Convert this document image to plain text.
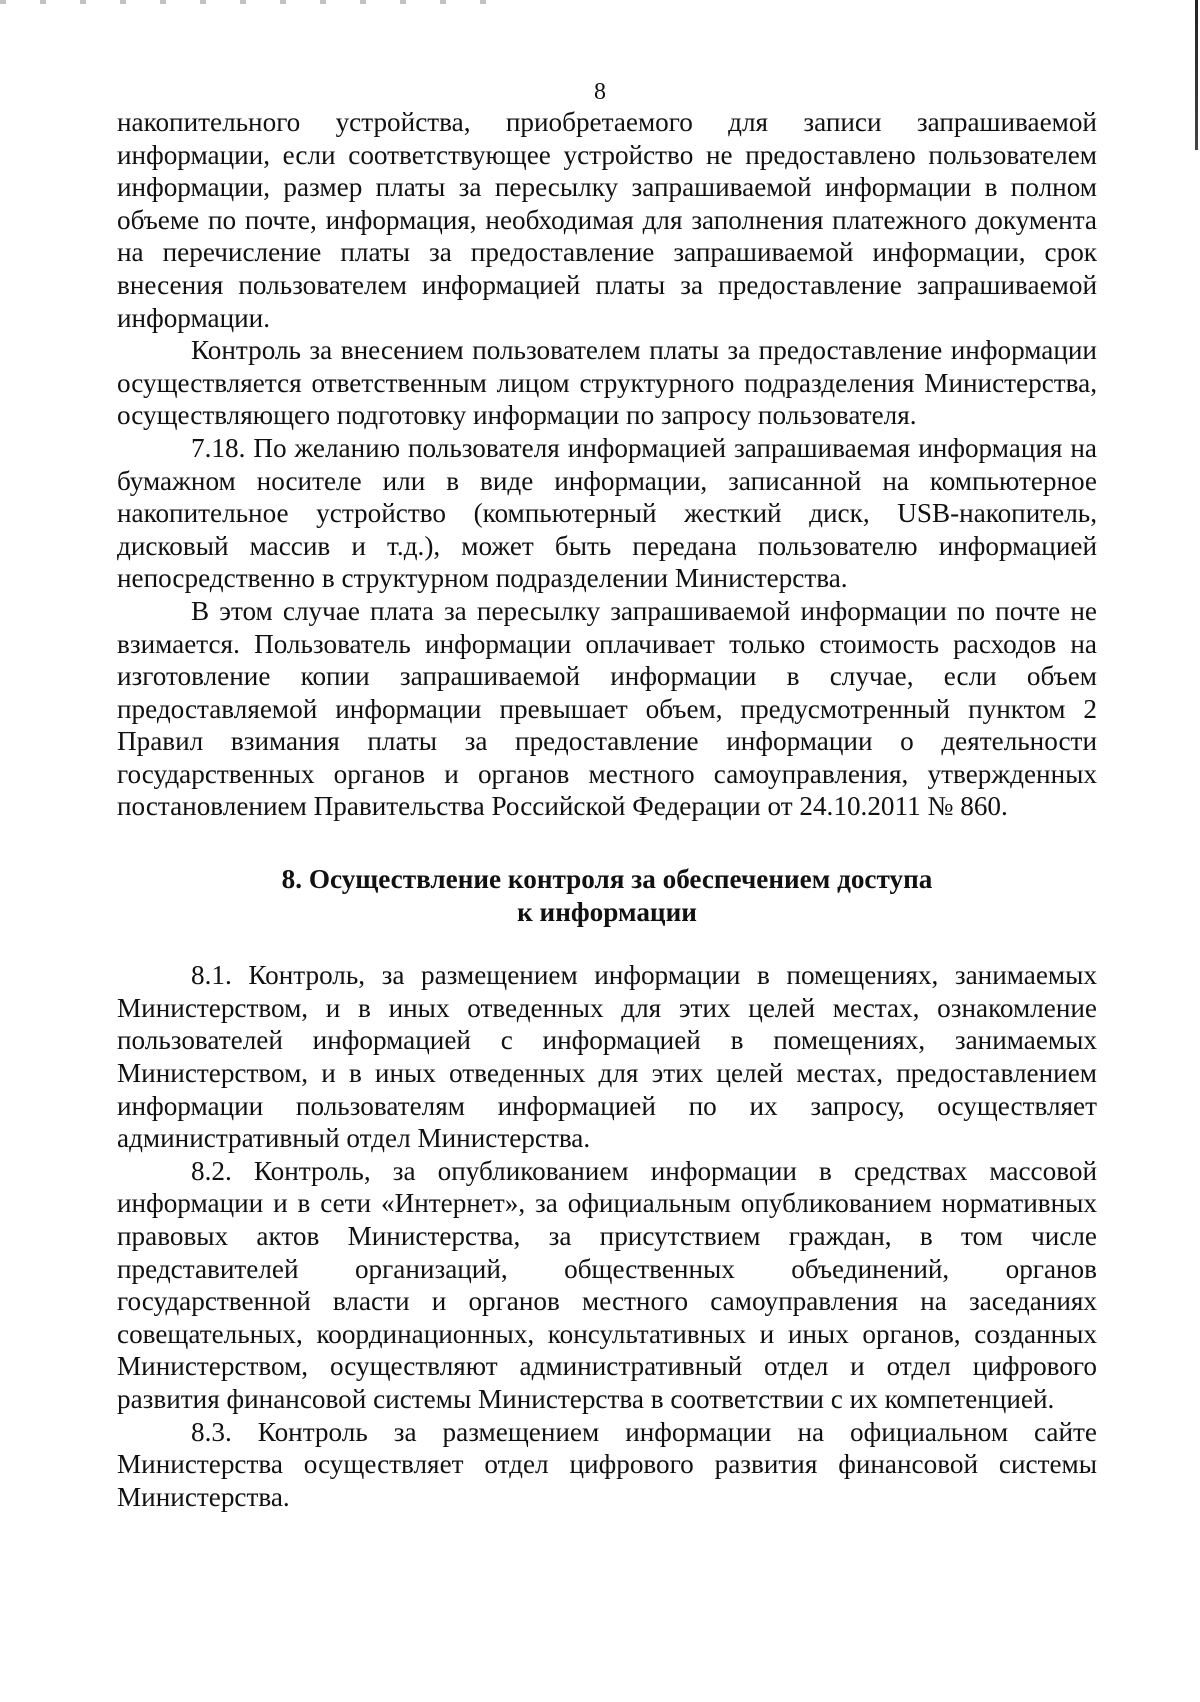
8

накопительного устройства, приобретаемого для записи запрашиваемой информации, если соответствующее устройство не предоставлено пользователем информации, размер платы за пересылку запрашиваемой информации в полном объеме по почте, информация, необходимая для заполнения платежного документа на перечисление платы за предоставление запрашиваемой информации, срок внесения пользователем информацией платы за предоставление запрашиваемой информации.

Контроль за внесением пользователем платы за предоставление информации осуществляется ответственным лицом структурного подразделения Министерства, осуществляющего подготовку информации по запросу пользователя.

7.18. По желанию пользователя информацией запрашиваемая информация на бумажном носителе или в виде информации, записанной на компьютерное накопительное устройство (компьютерный жесткий диск, USB-накопитель, дисковый массив и т.д.), может быть передана пользователю информацией непосредственно в структурном подразделении Министерства.

В этом случае плата за пересылку запрашиваемой информации по почте не взимается. Пользователь информации оплачивает только стоимость расходов на изготовление копии запрашиваемой информации в случае, если объем предоставляемой информации превышает объем, предусмотренный пунктом 2 Правил взимания платы за предоставление информации о деятельности государственных органов и органов местного самоуправления, утвержденных постановлением Правительства Российской Федерации от 24.10.2011 № 860.

8. Осуществление контроля за обеспечением доступа
к информации

8.1. Контроль, за размещением информации в помещениях, занимаемых Министерством, и в иных отведенных для этих целей местах, ознакомление пользователей информацией с информацией в помещениях, занимаемых Министерством, и в иных отведенных для этих целей местах, предоставлением информации пользователям информацией по их запросу, осуществляет административный отдел Министерства.

8.2. Контроль, за опубликованием информации в средствах массовой информации и в сети «Интернет», за официальным опубликованием нормативных правовых актов Министерства, за присутствием граждан, в том числе представителей организаций, общественных объединений, органов государственной власти и органов местного самоуправления на заседаниях совещательных, координационных, консультативных и иных органов, созданных Министерством, осуществляют административный отдел и отдел цифрового развития финансовой системы Министерства в соответствии с их компетенцией.

8.3. Контроль за размещением информации на официальном сайте Министерства осуществляет отдел цифрового развития финансовой системы Министерства.
